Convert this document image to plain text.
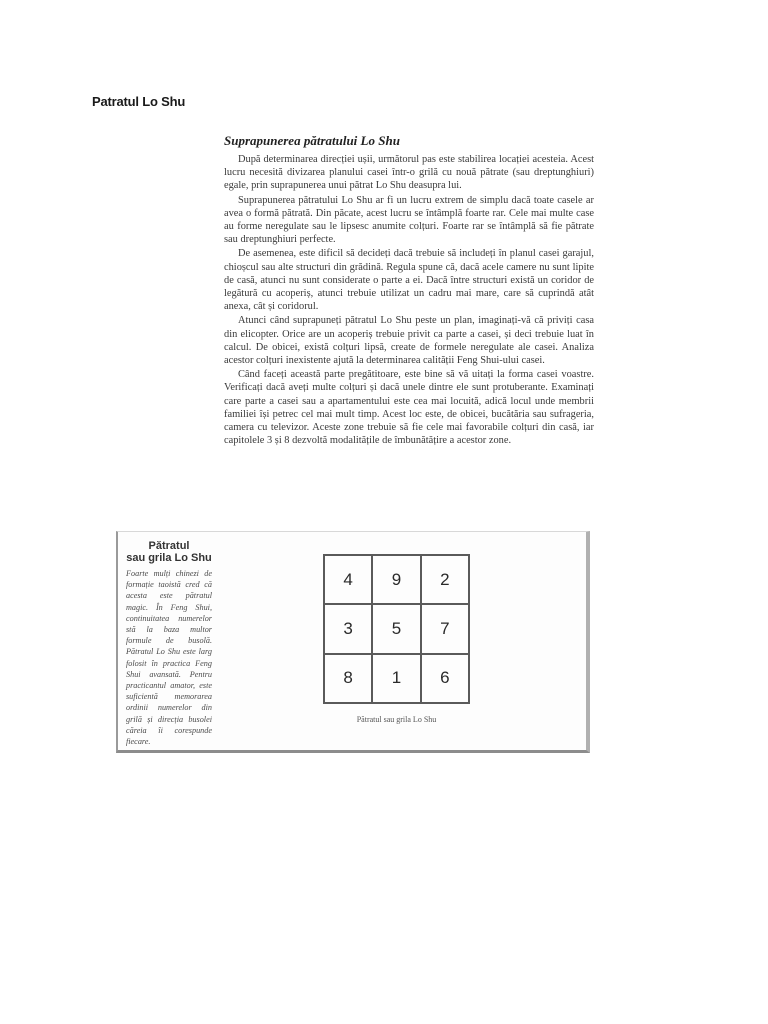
Patratul Lo Shu
Suprapunerea pătratului Lo Shu

După determinarea direcției ușii, următorul pas este stabilirea locației acesteia. Acest lucru necesită divizarea planului casei într-o grilă cu nouă pătrate (sau dreptunghiuri) egale, prin suprapunerea unui pătrat Lo Shu deasupra lui.

Suprapunerea pătratului Lo Shu ar fi un lucru extrem de simplu dacă toate casele ar avea o formă pătrată. Din păcate, acest lucru se întâmplă foarte rar. Cele mai multe case au forme neregulate sau le lipsesc anumite colțuri. Foarte rar se întâmplă să fie pătrate sau dreptunghiuri perfecte.

De asemenea, este dificil să decideți dacă trebuie să includeți în planul casei garajul, chioșcul sau alte structuri din grădină. Regula spune că, dacă acele camere nu sunt lipite de casă, atunci nu sunt considerate o parte a ei. Dacă între structuri există un coridor de legătură cu acoperiș, atunci trebuie utilizat un cadru mai mare, care să cuprindă atât anexa, cât și coridorul.

Atunci când suprapuneți pătratul Lo Shu peste un plan, imaginați-vă că priviți casa din elicopter. Orice are un acoperiș trebuie privit ca parte a casei, și deci trebuie luat în calcul. De obicei, există colțuri lipsă, create de formele neregulate ale casei. Analiza acestor colțuri inexistente ajută la determinarea calității Feng Shui-ului casei.

Când faceți această parte pregătitoare, este bine să vă uitați la forma casei voastre. Verificați dacă aveți multe colțuri și dacă unele dintre ele sunt protuberante. Examinați care parte a casei sau a apartamentului este cea mai locuită, adică locul unde membrii familiei își petrec cel mai mult timp. Acest loc este, de obicei, bucătăria sau sufrageria, camera cu televizor. Aceste zone trebuie să fie cele mai favorabile colțuri din casă, iar capitolele 3 și 8 dezvoltă modalitățile de îmbunătățire a acestor zone.

Pătratul
sau grila Lo Shu
Foarte mulți chinezi de formație taoistă cred că acesta este pătratul magic. În Feng Shui, continuitatea numerelor stă la baza multor formule de busolă. Pătratul Lo Shu este larg folosit în practica Feng Shui avansată. Pentru practicantul amator, este suficientă memorarea ordinii numerelor din grilă și direcția busolei căreia îi corespunde fiecare.
4	9	2
3	5	7
8	1	6
Pătratul sau grila Lo Shu
